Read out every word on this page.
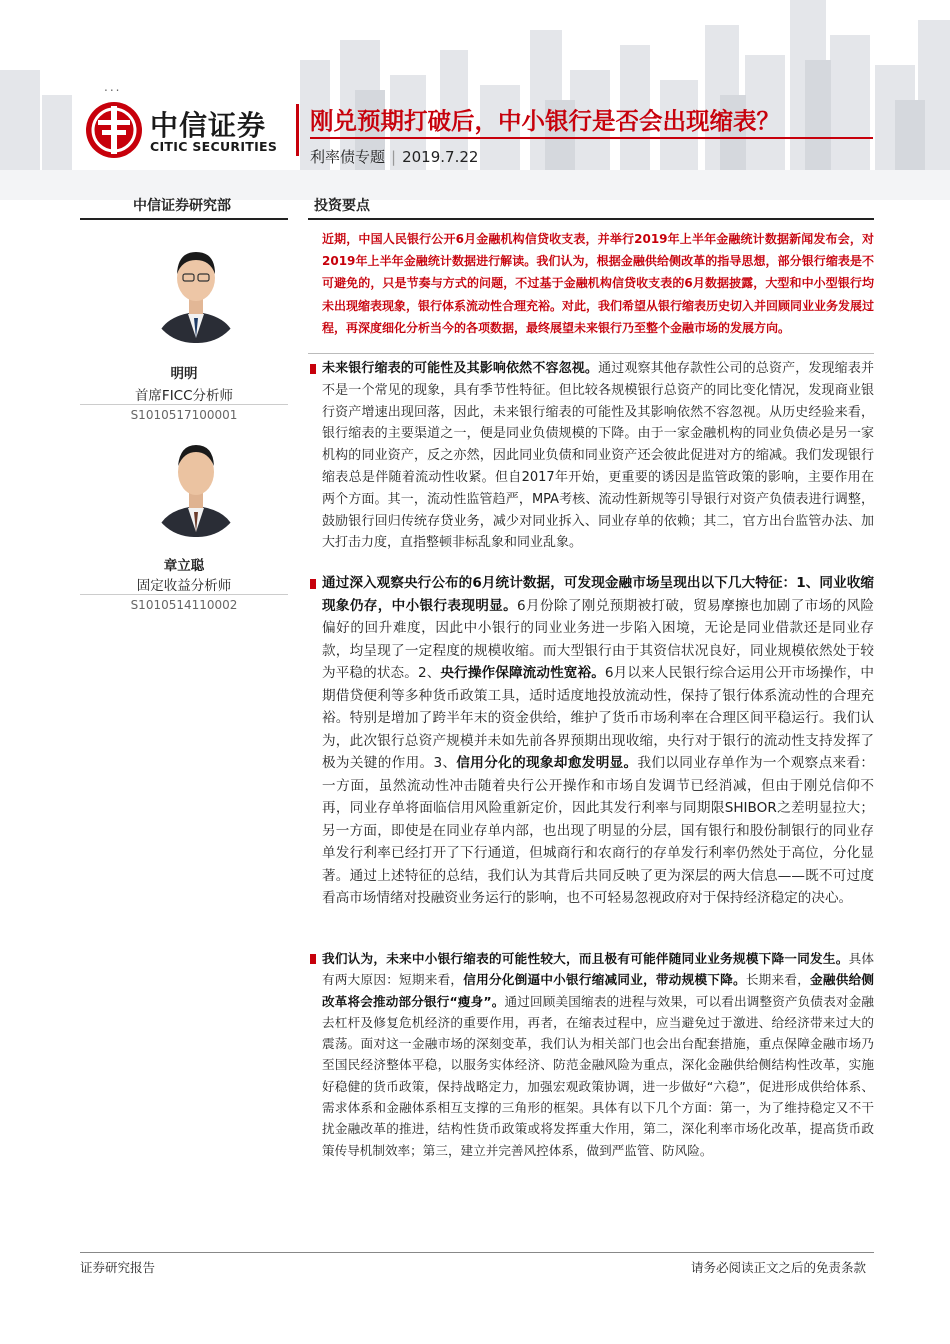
...
中信证券
CITIC SECURITIES
刚兑预期打破后，中小银行是否会出现缩表？
利率债专题 | 2019.7.22
中信证券研究部	投资要点
明明
首席FICC分析师
S1010517100001
章立聪
固定收益分析师
S1010514110002
近期，中国人民银行公开6月金融机构信贷收支表，并举行2019年上半年金融统计数据新闻发布会，对2019年上半年金融统计数据进行解读。我们认为，根据金融供给侧改革的指导思想，部分银行缩表是不可避免的，只是节奏与方式的问题，不过基于金融机构信贷收支表的6月数据披露，大型和中小型银行均未出现缩表现象，银行体系流动性合理充裕。对此，我们希望从银行缩表历史切入并回顾同业业务发展过程，再深度细化分析当今的各项数据，最终展望未来银行乃至整个金融市场的发展方向。
未来银行缩表的可能性及其影响依然不容忽视。通过观察其他存款性公司的总资产，发现缩表并不是一个常见的现象，具有季节性特征。但比较各规模银行总资产的同比变化情况，发现商业银行资产增速出现回落，因此，未来银行缩表的可能性及其影响依然不容忽视。从历史经验来看，银行缩表的主要渠道之一，便是同业负债规模的下降。由于一家金融机构的同业负债必是另一家机构的同业资产，反之亦然，因此同业负债和同业资产还会彼此促进对方的缩减。我们发现银行缩表总是伴随着流动性收紧。但自2017年开始，更重要的诱因是监管政策的影响，主要作用在两个方面。其一，流动性监管趋严，MPA考核、流动性新规等引导银行对资产负债表进行调整，鼓励银行回归传统存贷业务，减少对同业拆入、同业存单的依赖；其二，官方出台监管办法、加大打击力度，直指整顿非标乱象和同业乱象。
通过深入观察央行公布的6月统计数据，可发现金融市场呈现出以下几大特征：1、同业收缩现象仍存，中小银行表现明显。6月份除了刚兑预期被打破，贸易摩擦也加剧了市场的风险偏好的回升难度，因此中小银行的同业业务进一步陷入困境，无论是同业借款还是同业存款，均呈现了一定程度的规模收缩。而大型银行由于其资信状况良好，同业规模依然处于较为平稳的状态。2、央行操作保障流动性宽裕。6月以来人民银行综合运用公开市场操作，中期借贷便利等多种货币政策工具，适时适度地投放流动性，保持了银行体系流动性的合理充裕。特别是增加了跨半年末的资金供给，维护了货币市场利率在合理区间平稳运行。我们认为，此次银行总资产规模并未如先前各界预期出现收缩，央行对于银行的流动性支持发挥了极为关键的作用。3、信用分化的现象却愈发明显。我们以同业存单作为一个观察点来看：一方面，虽然流动性冲击随着央行公开操作和市场自发调节已经消减，但由于刚兑信仰不再，同业存单将面临信用风险重新定价，因此其发行利率与同期限SHIBOR之差明显拉大；另一方面，即使是在同业存单内部，也出现了明显的分层，国有银行和股份制银行的同业存单发行利率已经打开了下行通道，但城商行和农商行的存单发行利率仍然处于高位，分化显著。通过上述特征的总结，我们认为其背后共同反映了更为深层的两大信息——既不可过度看高市场情绪对投融资业务运行的影响，也不可轻易忽视政府对于保持经济稳定的决心。
我们认为，未来中小银行缩表的可能性较大，而且极有可能伴随同业业务规模下降一同发生。具体有两大原因：短期来看，信用分化倒逼中小银行缩减同业，带动规模下降。长期来看，金融供给侧改革将会推动部分银行“瘦身”。通过回顾美国缩表的进程与效果，可以看出调整资产负债表对金融去杠杆及修复危机经济的重要作用，再者，在缩表过程中，应当避免过于激进、给经济带来过大的震荡。面对这一金融市场的深刻变革，我们认为相关部门也会出台配套措施，重点保障金融市场乃至国民经济整体平稳，以服务实体经济、防范金融风险为重点，深化金融供给侧结构性改革，实施好稳健的货币政策，保持战略定力，加强宏观政策协调，进一步做好“六稳”，促进形成供给体系、需求体系和金融体系相互支撑的三角形的框架。具体有以下几个方面：第一，为了维持稳定又不干扰金融改革的推进，结构性货币政策或将发挥重大作用，第二，深化利率市场化改革，提高货币政策传导机制效率；第三，建立并完善风控体系，做到严监管、防风险。
证券研究报告	请务必阅读正文之后的免责条款
